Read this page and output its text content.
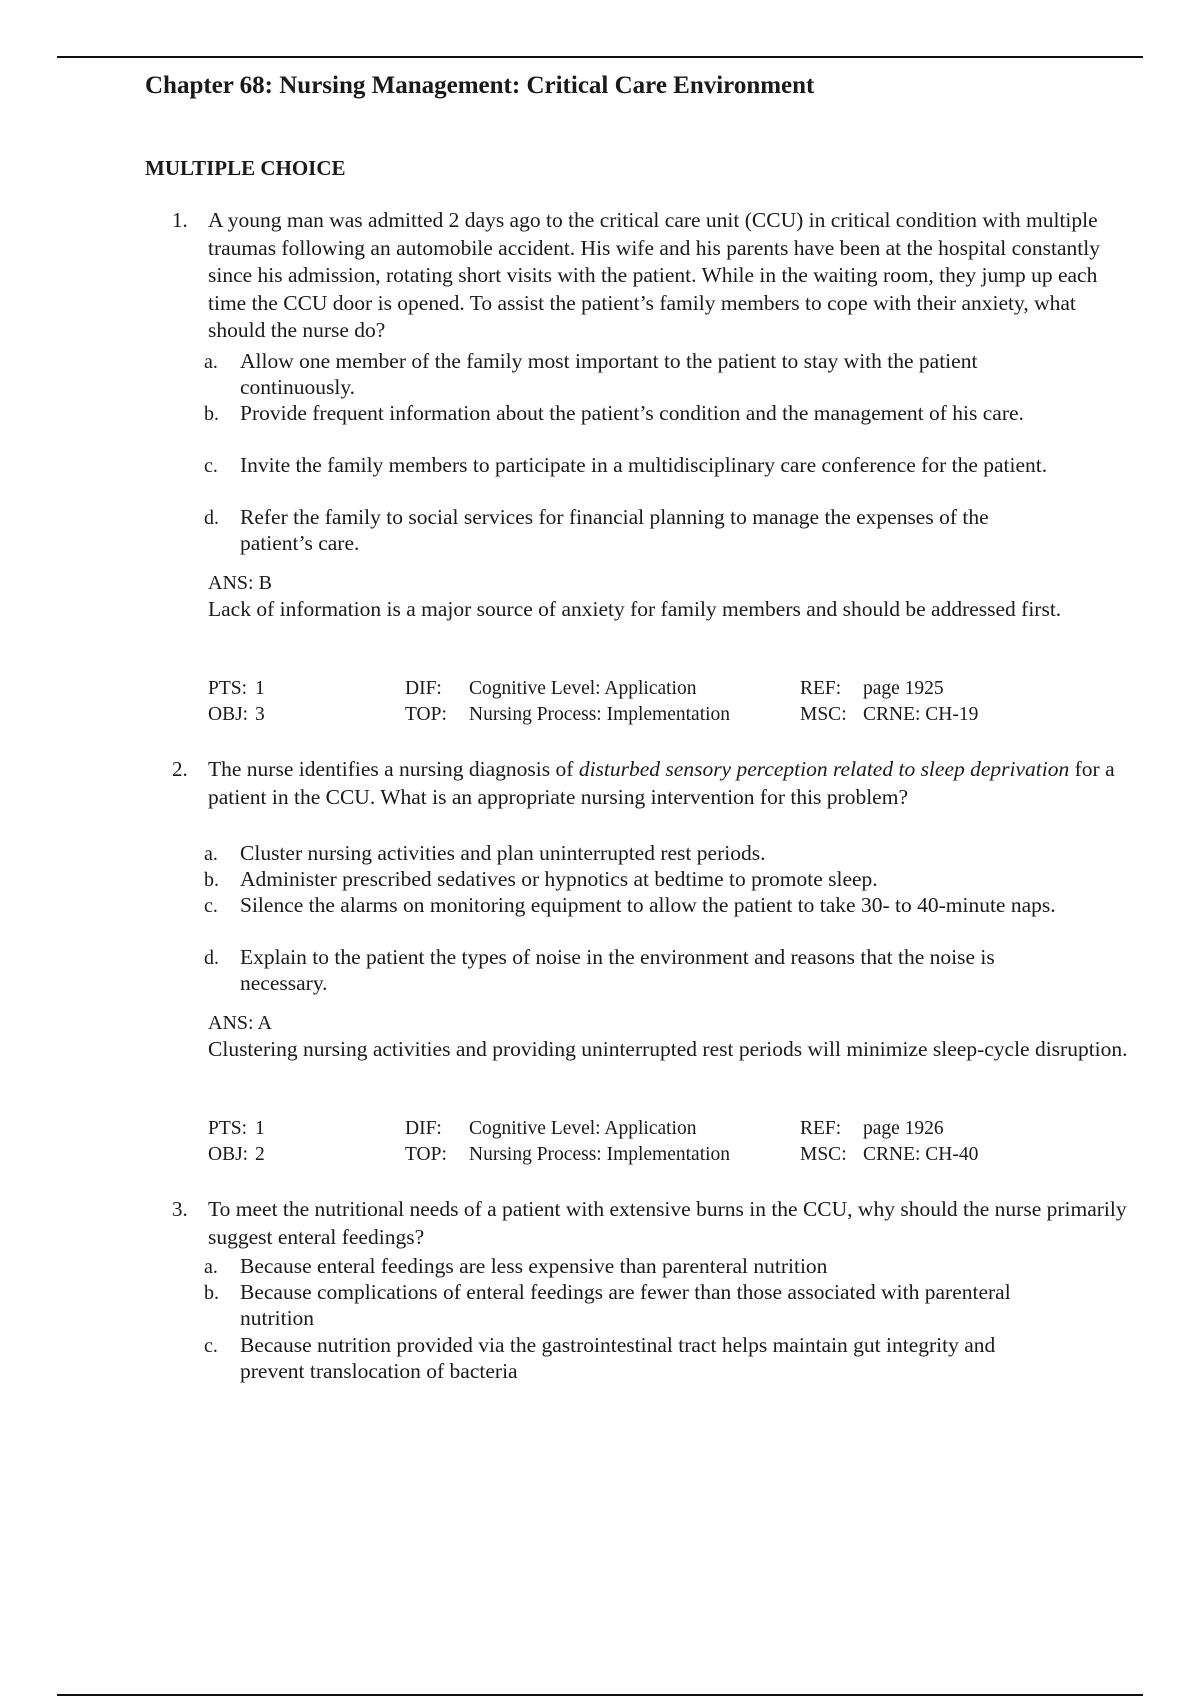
Chapter 68: Nursing Management: Critical Care Environment
MULTIPLE CHOICE
1. A young man was admitted 2 days ago to the critical care unit (CCU) in critical condition with multiple traumas following an automobile accident. His wife and his parents have been at the hospital constantly since his admission, rotating short visits with the patient. While in the waiting room, they jump up each time the CCU door is opened. To assist the patient’s family members to cope with their anxiety, what should the nurse do?
a. Allow one member of the family most important to the patient to stay with the patient continuously.
b. Provide frequent information about the patient’s condition and the management of his care.
c. Invite the family members to participate in a multidisciplinary care conference for the patient.
d. Refer the family to social services for financial planning to manage the expenses of the patient’s care.
ANS: B
Lack of information is a major source of anxiety for family members and should be addressed first.
PTS: 1	DIF: Cognitive Level: Application	REF: page 1925
OBJ: 3	TOP: Nursing Process: Implementation	MSC: CRNE: CH-19
2. The nurse identifies a nursing diagnosis of disturbed sensory perception related to sleep deprivation for a patient in the CCU. What is an appropriate nursing intervention for this problem?
a. Cluster nursing activities and plan uninterrupted rest periods.
b. Administer prescribed sedatives or hypnotics at bedtime to promote sleep.
c. Silence the alarms on monitoring equipment to allow the patient to take 30- to 40-minute naps.
d. Explain to the patient the types of noise in the environment and reasons that the noise is necessary.
ANS: A
Clustering nursing activities and providing uninterrupted rest periods will minimize sleep-cycle disruption.
PTS: 1	DIF: Cognitive Level: Application	REF: page 1926
OBJ: 2	TOP: Nursing Process: Implementation	MSC: CRNE: CH-40
3. To meet the nutritional needs of a patient with extensive burns in the CCU, why should the nurse primarily suggest enteral feedings?
a. Because enteral feedings are less expensive than parenteral nutrition
b. Because complications of enteral feedings are fewer than those associated with parenteral nutrition
c. Because nutrition provided via the gastrointestinal tract helps maintain gut integrity and prevent translocation of bacteria
